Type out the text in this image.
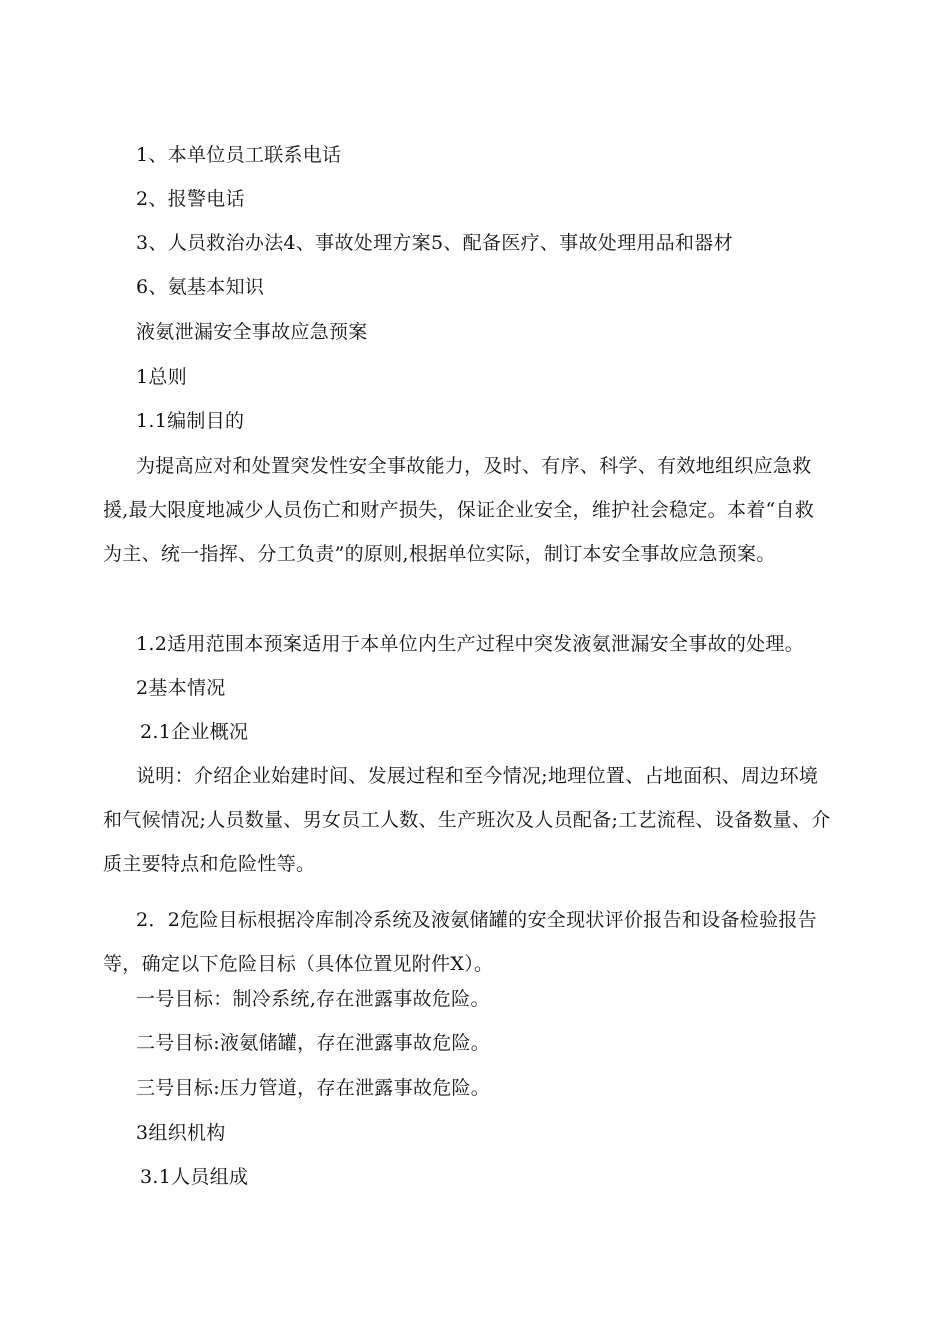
1、本单位员工联系电话
2、报警电话
3、人员救治办法4、事故处理方案5、配备医疗、事故处理用品和器材
6、氨基本知识
液氨泄漏安全事故应急预案
1总则
1.1编制目的
为提高应对和处置突发性安全事故能力，及时、有序、科学、有效地组织应急救援,最大限度地减少人员伤亡和财产损失，保证企业安全，维护社会稳定。本着“自救为主、统一指挥、分工负责”的原则,根据单位实际，制订本安全事故应急预案。
1.2适用范围本预案适用于本单位内生产过程中突发液氨泄漏安全事故的处理。
2基本情况
2.1企业概况
说明：介绍企业始建时间、发展过程和至今情况;地理位置、占地面积、周边环境和气候情况;人员数量、男女员工人数、生产班次及人员配备;工艺流程、设备数量、介质主要特点和危险性等。
2．2危险目标根据冷库制冷系统及液氨储罐的安全现状评价报告和设备检验报告等，确定以下危险目标（具体位置见附件X）。
一号目标：制冷系统,存在泄露事故危险。
二号目标:液氨储罐，存在泄露事故危险。
三号目标:压力管道，存在泄露事故危险。
3组织机构
3.1人员组成
